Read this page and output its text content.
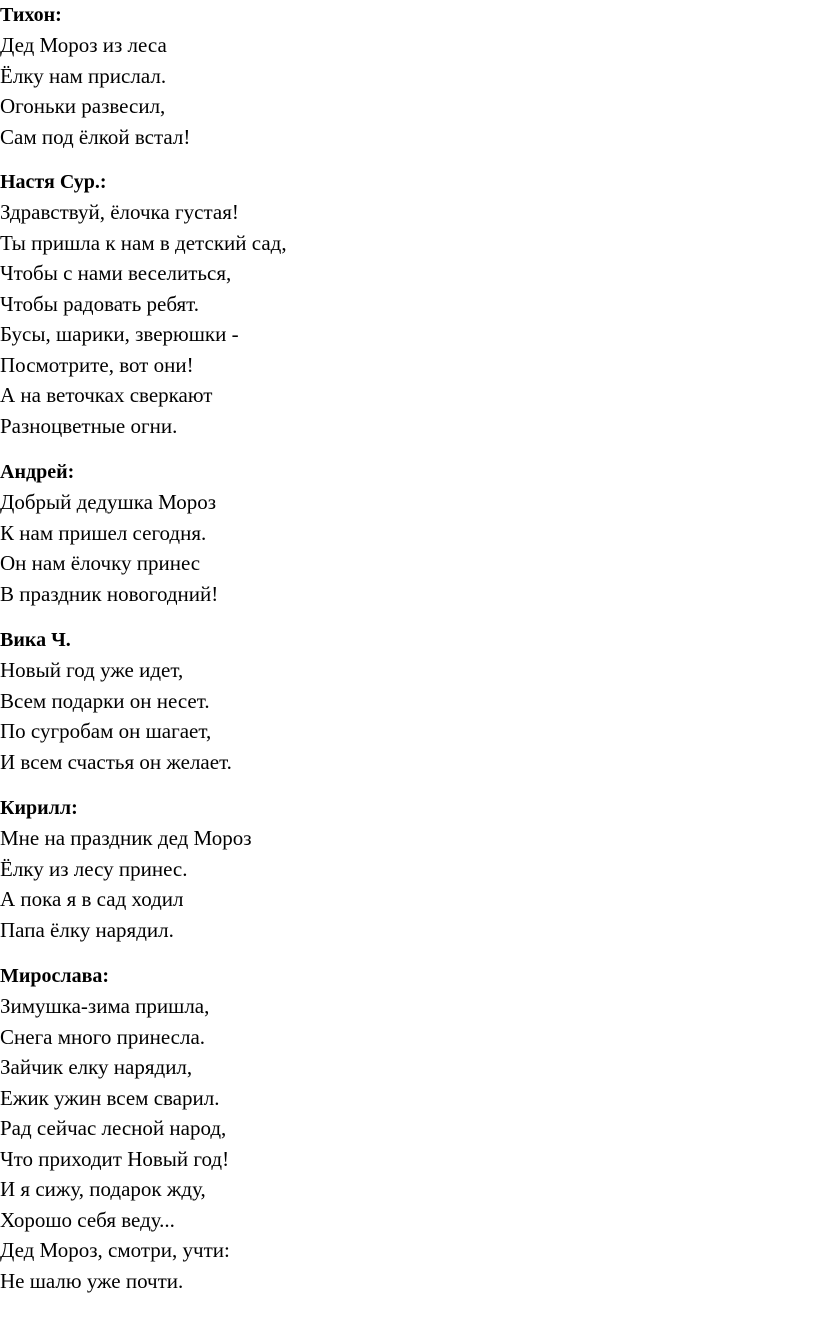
Тихон:
Дед Мороз из леса
Ёлку нам прислал.
Огоньки развесил,
Сам под ёлкой встал!
Настя Сур.:
Здравствуй, ёлочка густая!
Ты пришла к нам в детский сад,
Чтобы с нами веселиться,
Чтобы радовать ребят.
Бусы, шарики, зверюшки -
Посмотрите, вот они!
А на веточках сверкают
Разноцветные огни.
Андрей:
Добрый дедушка Мороз
К нам пришел сегодня.
Он нам ёлочку принес
В праздник новогодний!
Вика Ч.
Новый год уже идет,
Всем подарки он несет.
По сугробам он шагает,
И всем счастья он желает.
Кирилл:
Мне на праздник дед Мороз
Ёлку из лесу принес.
А пока я в сад ходил
Папа ёлку нарядил.
Мирослава:
Зимушка-зима пришла,
Снега много принесла.
Зайчик елку нарядил,
Ежик ужин всем сварил.
Рад сейчас лесной народ,
Что приходит Новый год!
И я сижу, подарок жду,
Хорошо себя веду...
Дед Мороз, смотри, учти:
Не шалю уже почти.
